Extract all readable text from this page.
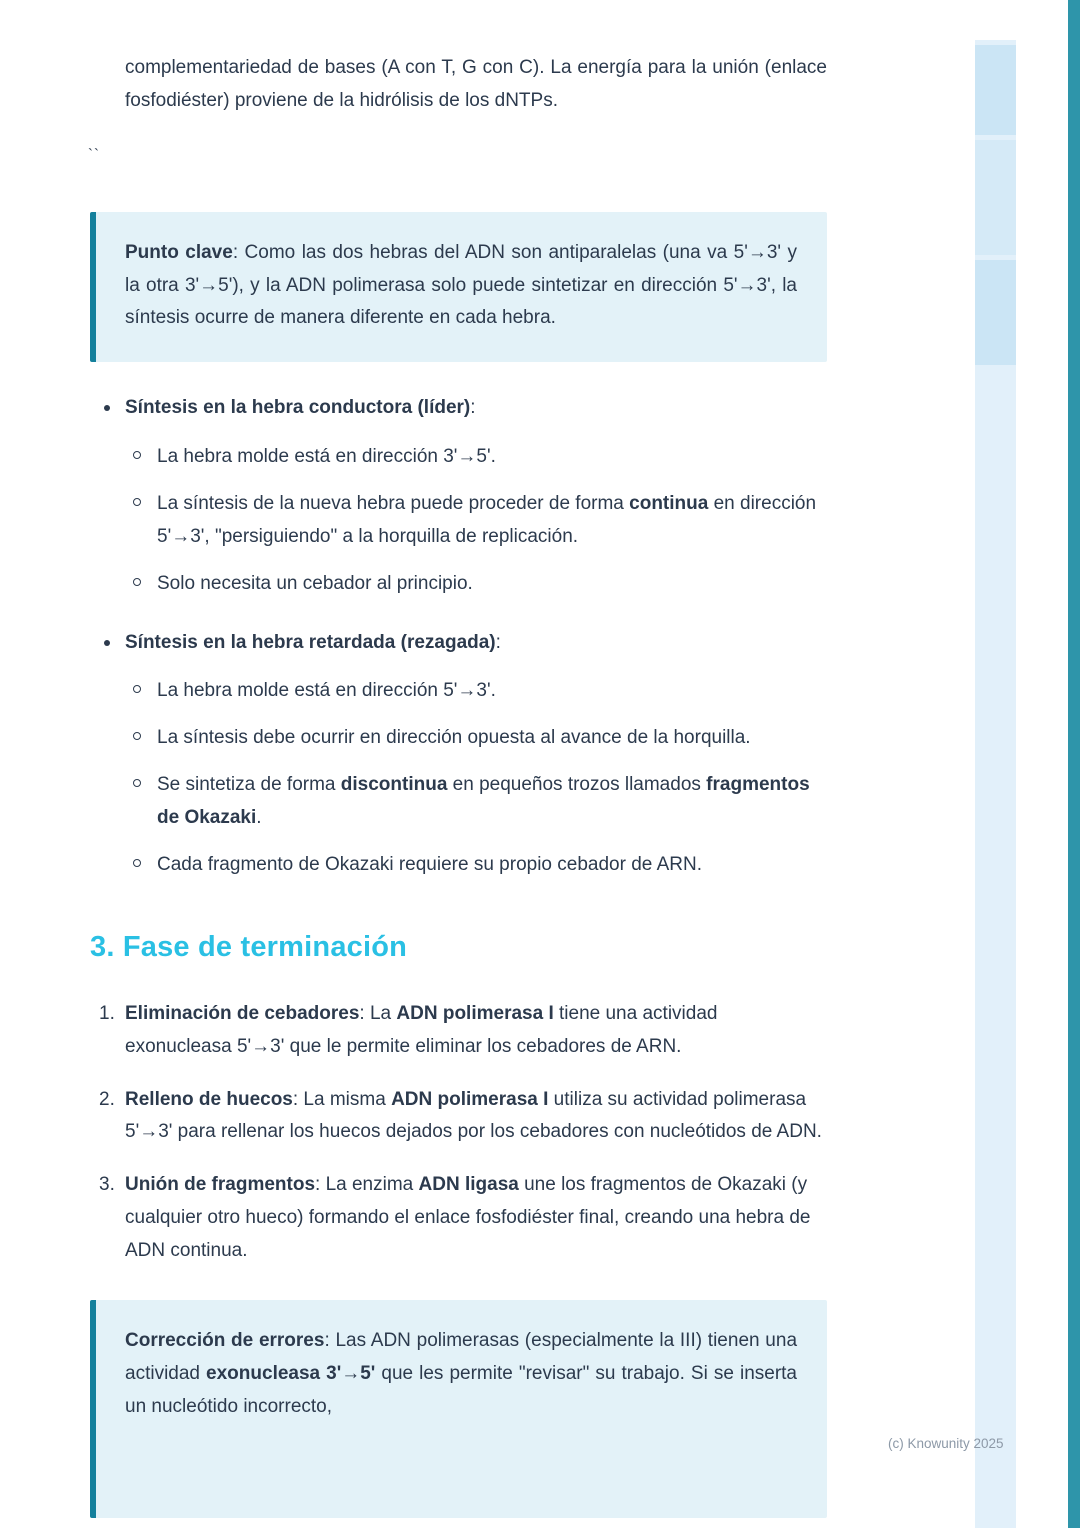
complementariedad de bases (A con T, G con C). La energía para la unión (enlace fosfodiéster) proviene de la hidrólisis de los dNTPs.

``
Punto clave: Como las dos hebras del ADN son antiparalelas (una va 5'→3' y la otra 3'→5'), y la ADN polimerasa solo puede sintetizar en dirección 5'→3', la síntesis ocurre de manera diferente en cada hebra.
Síntesis en la hebra conductora (líder):
La hebra molde está en dirección 3'→5'.
La síntesis de la nueva hebra puede proceder de forma continua en dirección 5'→3', "persiguiendo" a la horquilla de replicación.
Solo necesita un cebador al principio.
Síntesis en la hebra retardada (rezagada):
La hebra molde está en dirección 5'→3'.
La síntesis debe ocurrir en dirección opuesta al avance de la horquilla.
Se sintetiza de forma discontinua en pequeños trozos llamados fragmentos de Okazaki.
Cada fragmento de Okazaki requiere su propio cebador de ARN.
3. Fase de terminación
1. Eliminación de cebadores: La ADN polimerasa I tiene una actividad exonucleasa 5'→3' que le permite eliminar los cebadores de ARN.
2. Relleno de huecos: La misma ADN polimerasa I utiliza su actividad polimerasa 5'→3' para rellenar los huecos dejados por los cebadores con nucleótidos de ADN.
3. Unión de fragmentos: La enzima ADN ligasa une los fragmentos de Okazaki (y cualquier otro hueco) formando el enlace fosfodiéster final, creando una hebra de ADN continua.
Corrección de errores: Las ADN polimerasas (especialmente la III) tienen una actividad exonucleasa 3'→5' que les permite "revisar" su trabajo. Si se inserta un nucleótido incorrecto,
(c) Knowunity 2025
